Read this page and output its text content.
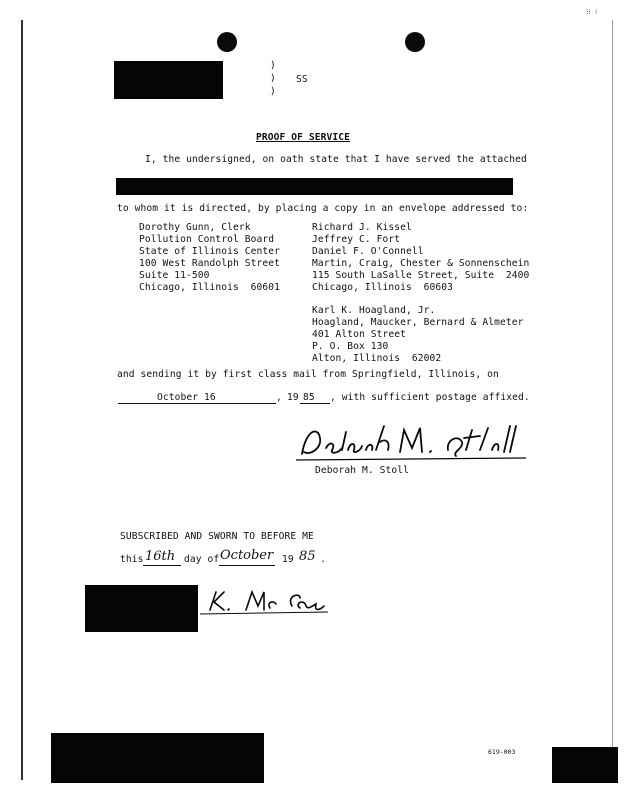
⁝⁝ ⁝
)
)
)
SS
PROOF OF SERVICE
I, the undersigned, on oath state that I have served the attached
to whom it is directed, by placing a copy in an envelope addressed to:
Dorothy Gunn, Clerk
Pollution Control Board
State of Illinois Center
100 West Randolph Street
Suite 11-500
Chicago, Illinois  60601
Richard J. Kissel
Jeffrey C. Fort
Daniel F. O'Connell
Martin, Craig, Chester & Sonnenschein
115 South LaSalle Street, Suite  2400
Chicago, Illinois  60603
Karl K. Hoagland, Jr.
Hoagland, Maucker, Bernard & Almeter
401 Alton Street
P. O. Box 130
Alton, Illinois  62002
and sending it by first class mail from Springfield, Illinois, on
October 16	, 19 85 , with sufficient postage affixed.
Deborah M. Stoll
SUBSCRIBED AND SWORN TO BEFORE ME
this 16th day of October 19 85 .
619-003
